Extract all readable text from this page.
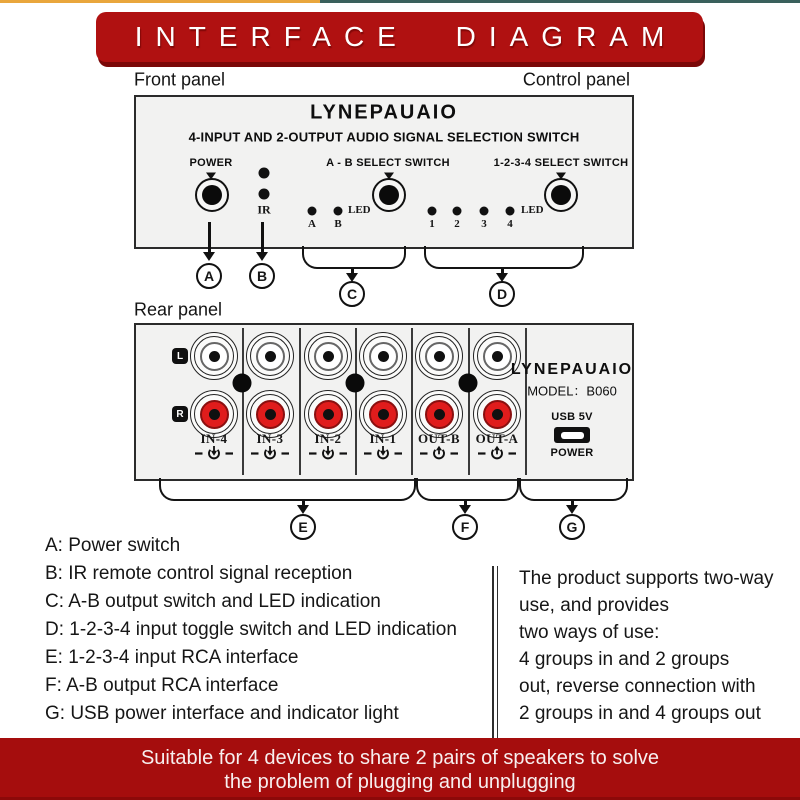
INTERFACE DIAGRAM
Front panel	Control panel
LYNEPAUAIO
4-INPUT AND 2-OUTPUT AUDIO SIGNAL SELECTION SWITCH
POWER
IR
A - B SELECT SWITCH
LED
A B
1-2-3-4 SELECT SWITCH
1 2 3 4
LED
A	B
C	D
Rear panel
L
R
IN-4 IN-3 IN-2 IN-1 OUT-B OUT-A
LYNEPAUAIO
MODEL：B060
USB 5V
POWER
E	F	G
A: Power switch
B: IR remote control signal reception
C: A-B output switch and LED indication
D: 1-2-3-4 input toggle switch and LED indication
E: 1-2-3-4 input RCA interface
F: A-B output RCA interface
G: USB power interface and indicator light
The product supports two-way
use, and provides
two ways of use:
4 groups in and 2 groups
out, reverse connection with
2 groups in and 4 groups out
Suitable for 4 devices to share 2 pairs of speakers to solve
the problem of plugging and unplugging
